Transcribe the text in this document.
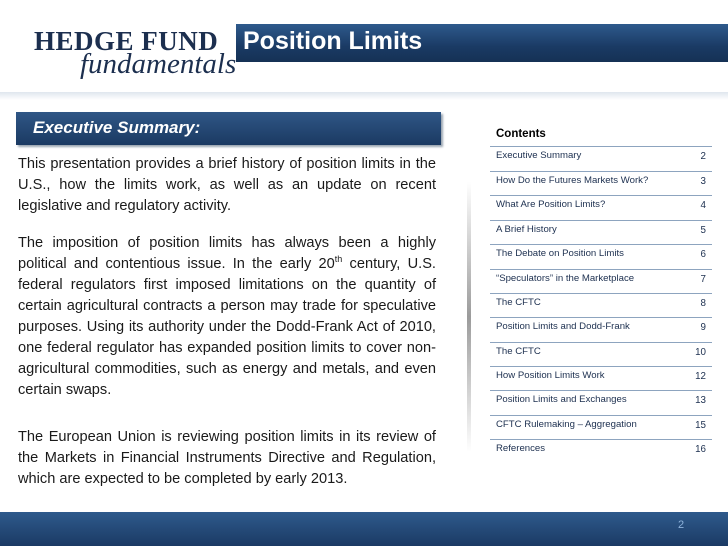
HEDGE FUND
fundamentals
Position Limits
Executive Summary:
This presentation provides a brief history of position limits in the U.S., how the limits work, as well as an update on recent legislative and regulatory activity.
The imposition of position limits has always been a highly political and contentious issue. In the early 20th century, U.S. federal regulators first imposed limitations on the quantity of certain agricultural contracts a person may trade for speculative purposes. Using its authority under the Dodd-Frank Act of 2010, one federal regulator has expanded position limits to cover non-agricultural commodities, such as energy and metals, and even certain swaps.
The European Union is reviewing position limits in its review of the Markets in Financial Instruments Directive and Regulation, which are expected to be completed by early 2013.
Contents
Executive Summary	2
How Do the Futures Markets Work?	3
What Are Position Limits?	4
A Brief History	5
The Debate on Position Limits	6
“Speculators” in the Marketplace	7
The CFTC	8
Position Limits and Dodd-Frank	9
The CFTC	10
How Position Limits Work	12
Position Limits and Exchanges	13
CFTC Rulemaking – Aggregation	15
References	16
2
